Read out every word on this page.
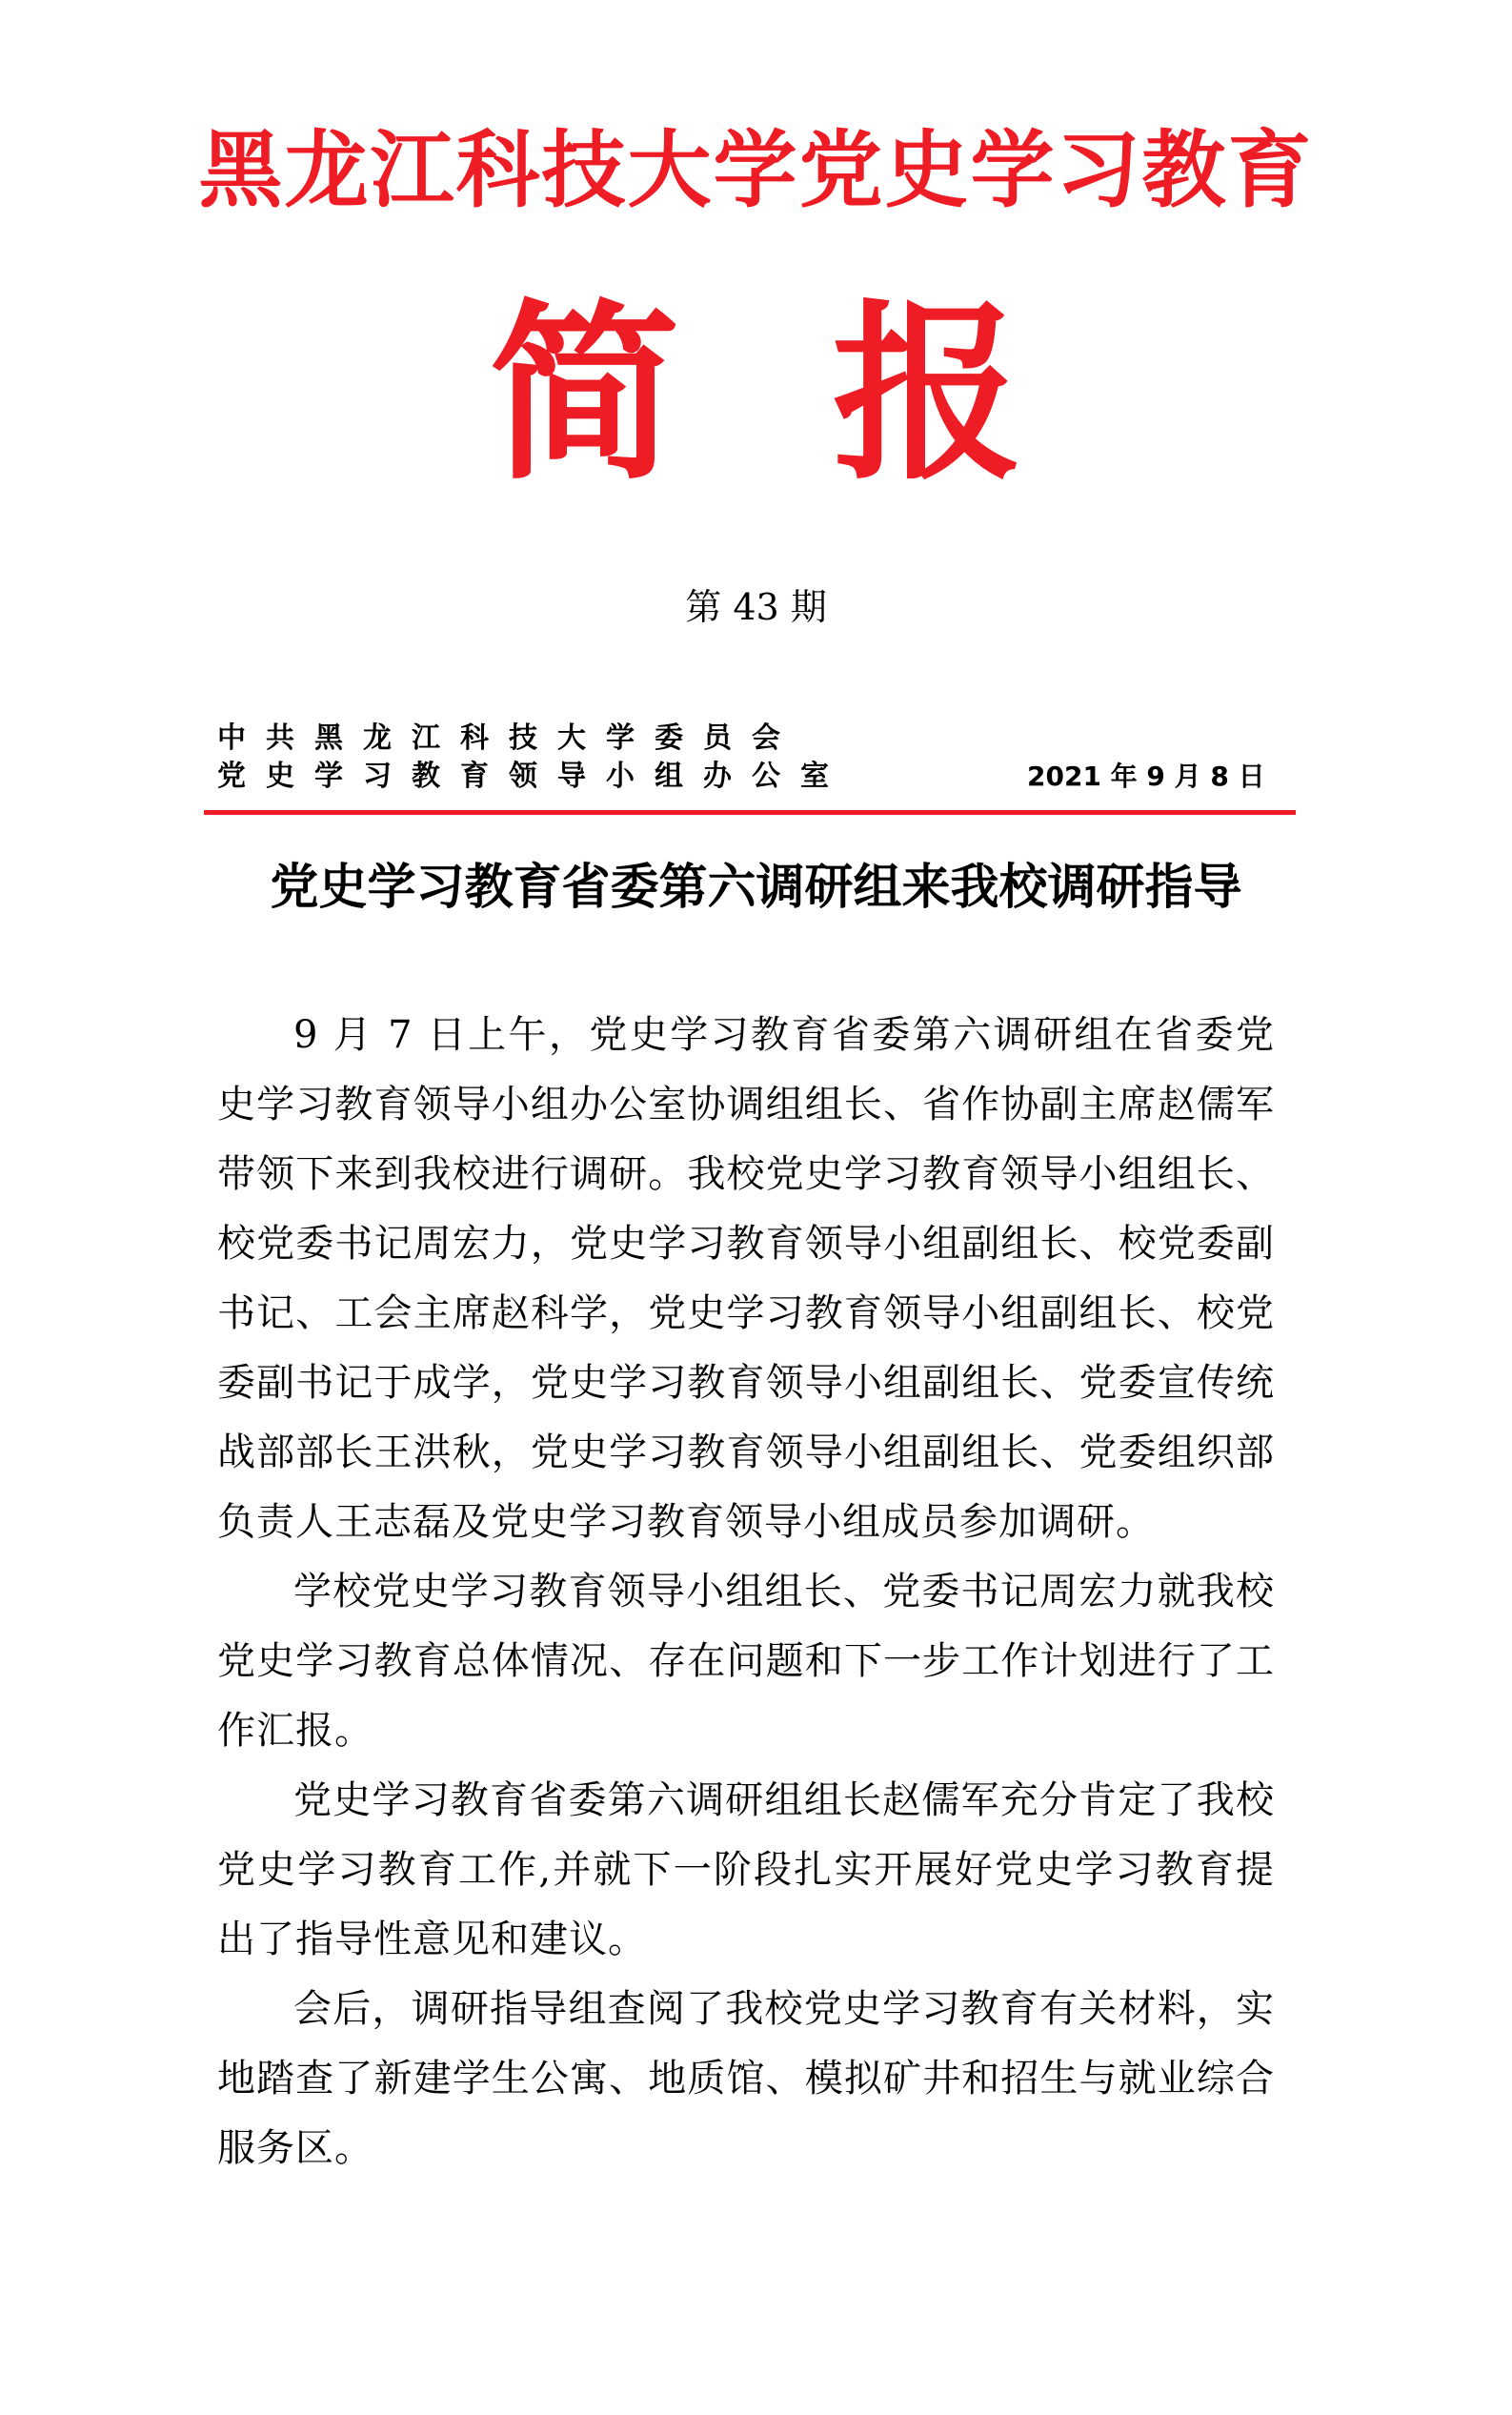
黑龙江科技大学党史学习教育
简 报
第 43 期
中共黑龙江科技大学委员会
党史学习教育领导小组办公室	2021 年 9 月 8 日
党史学习教育省委第六调研组来我校调研指导

9 月 7 日上午，党史学习教育省委第六调研组在省委党史学习教育领导小组办公室协调组组长、省作协副主席赵儒军带领下来到我校进行调研。我校党史学习教育领导小组组长、校党委书记周宏力，党史学习教育领导小组副组长、校党委副书记、工会主席赵科学，党史学习教育领导小组副组长、校党委副书记于成学，党史学习教育领导小组副组长、党委宣传统战部部长王洪秋，党史学习教育领导小组副组长、党委组织部负责人王志磊及党史学习教育领导小组成员参加调研。

学校党史学习教育领导小组组长、党委书记周宏力就我校党史学习教育总体情况、存在问题和下一步工作计划进行了工作汇报。

党史学习教育省委第六调研组组长赵儒军充分肯定了我校党史学习教育工作,并就下一阶段扎实开展好党史学习教育提出了指导性意见和建议。

会后，调研指导组查阅了我校党史学习教育有关材料，实地踏查了新建学生公寓、地质馆、模拟矿井和招生与就业综合服务区。
